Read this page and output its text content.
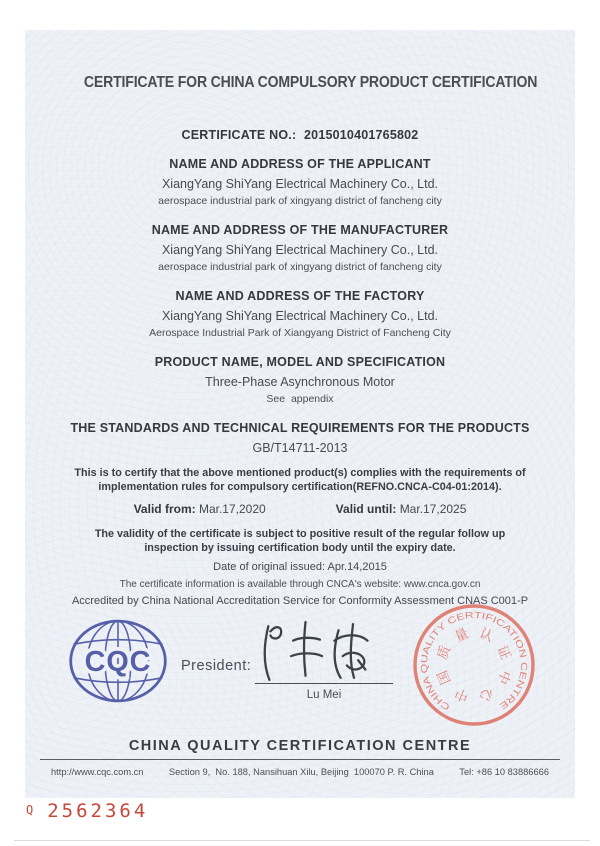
CERTIFICATE FOR CHINA COMPULSORY PRODUCT CERTIFICATION
CERTIFICATE NO.: 2015010401765802
NAME AND ADDRESS OF THE APPLICANT
XiangYang ShiYang Electrical Machinery Co., Ltd.
aerospace industrial park of xingyang district of fancheng city
NAME AND ADDRESS OF THE MANUFACTURER
XiangYang ShiYang Electrical Machinery Co., Ltd.
aerospace industrial park of xingyang district of fancheng city
NAME AND ADDRESS OF THE FACTORY
XiangYang ShiYang Electrical Machinery Co., Ltd.
Aerospace Industrial Park of Xiangyang District of Fancheng City
PRODUCT NAME, MODEL AND SPECIFICATION
Three-Phase Asynchronous Motor
See  appendix
THE STANDARDS AND TECHNICAL REQUIREMENTS FOR THE PRODUCTS
GB/T14711-2013
This is to certify that the above mentioned product(s) complies with the requirements of
implementation rules for compulsory certification(REFNO.CNCA-C04-01:2014).
Valid from: Mar.17,2020	Valid until: Mar.17,2025
The validity of the certificate is subject to positive result of the regular follow up
inspection by issuing certification body until the expiry date.
Date of original issued: Apr.14,2015
The certificate information is available through CNCA's website: www.cnca.gov.cn
Accredited by China National Accreditation Service for Conformity Assessment CNAS C001-P
CQC President:
Lu Mei
CHINA QUALITY CERTIFICATION CENTRE
中
国
质
量 认
证
中
心
CHINA QUALITY CERTIFICATION CENTRE
http://www.cqc.com.cn	Section 9,  No. 188, Nansihuan Xilu, Beijing  100070 P. R. China	Tel: +86 10 83886666
Q 2562364
